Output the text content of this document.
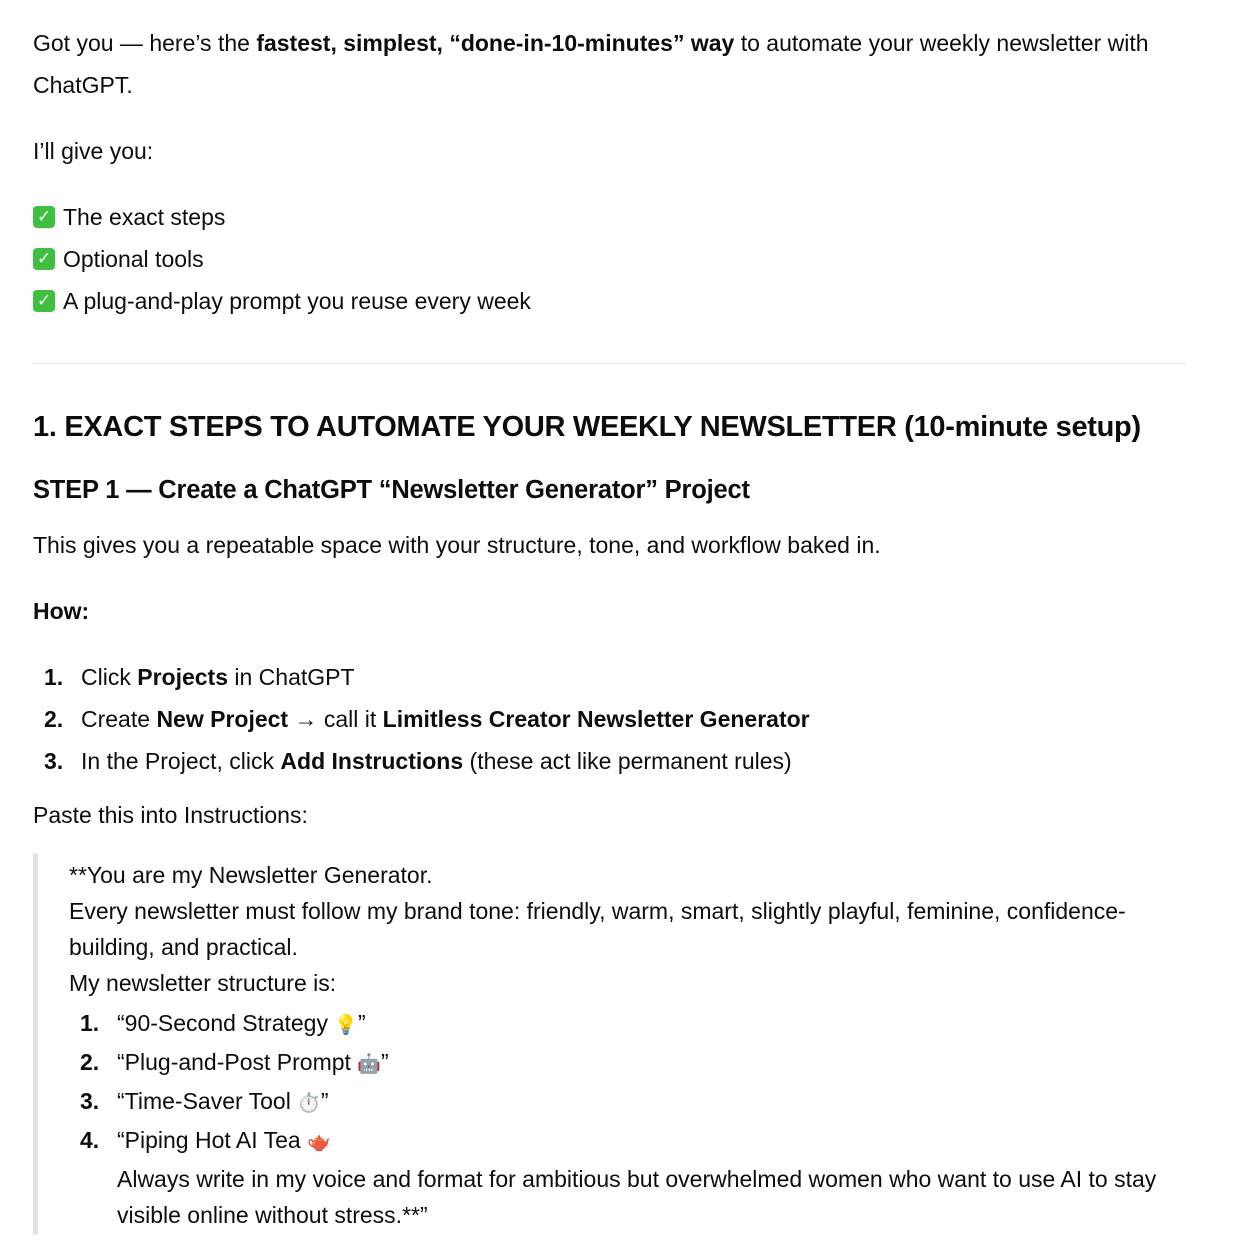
Got you — here’s the fastest, simplest, “done-in-10-minutes” way to automate your weekly newsletter with ChatGPT.

I’ll give you:

✓ The exact steps
✓ Optional tools
✓ A plug-and-play prompt you reuse every week
1. EXACT STEPS TO AUTOMATE YOUR WEEKLY NEWSLETTER (10-minute setup)
STEP 1 — Create a ChatGPT “Newsletter Generator” Project

This gives you a repeatable space with your structure, tone, and workflow baked in.

How:

1. Click Projects in ChatGPT
2. Create New Project → call it Limitless Creator Newsletter Generator
3. In the Project, click Add Instructions (these act like permanent rules)

Paste this into Instructions:

**You are my Newsletter Generator.

Every newsletter must follow my brand tone: friendly, warm, smart, slightly playful, feminine, confidence-building, and practical.

My newsletter structure is:

1. “90-Second Strategy 💡”
2. “Plug-and-Post Prompt 🤖”
3. “Time-Saver Tool ⏱️”
4. “Piping Hot AI Tea 🫖

Always write in my voice and format for ambitious but overwhelmed women who want to use AI to stay visible online without stress.**”
